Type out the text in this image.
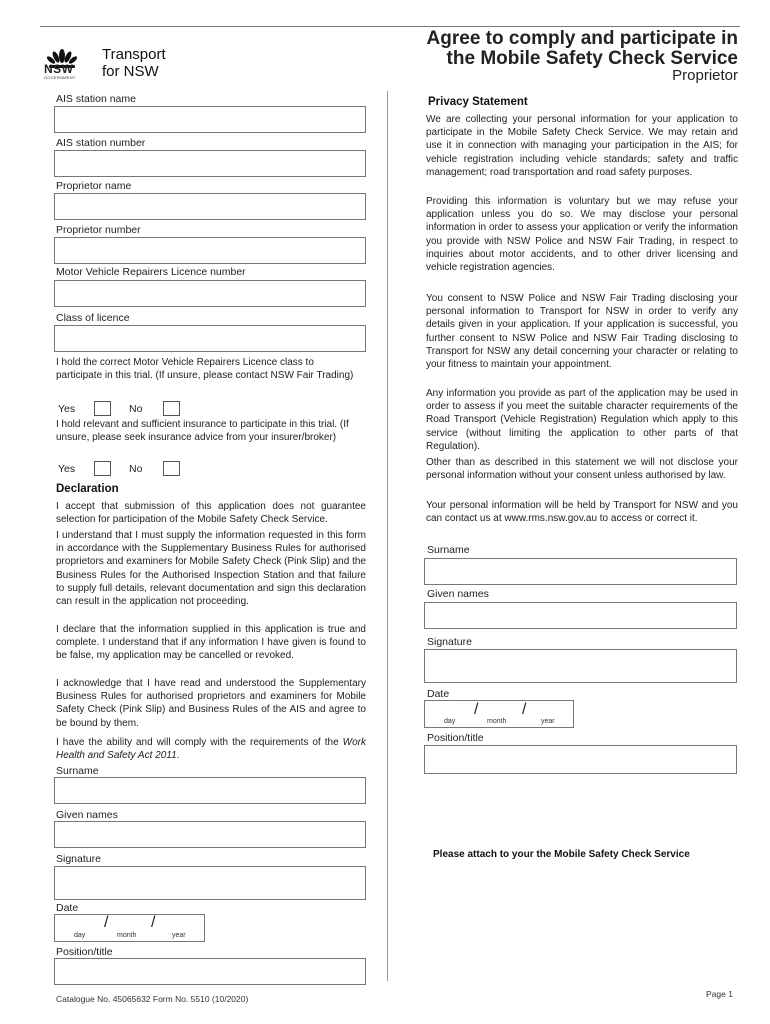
NSW
GOVERNMENT
Transport
for NSW
Agree to comply and participate in
the Mobile Safety Check Service
Proprietor
AIS station name
AIS station number
Proprietor name
Proprietor number
Motor Vehicle Repairers Licence number
Class of licence
I hold the correct Motor Vehicle Repairers Licence class to participate in this trial. (If unsure, please contact NSW Fair Trading)
Yes	No
I hold relevant and sufficient insurance to participate in this trial. (If unsure, please seek insurance advice from your insurer/broker)
Yes	No
Declaration
I accept that submission of this application does not guarantee selection for participation of the Mobile Safety Check Service.
I understand that I must supply the information requested in this form in accordance with the Supplementary Business Rules for authorised proprietors and examiners for Mobile Safety Check (Pink Slip) and the Business Rules for the Authorised Inspection Station and that failure to supply full details, relevant documentation and sign this declaration can result in the application not proceeding.
I declare that the information supplied in this application is true and complete. I understand that if any information I have given is found to be false, my application may be cancelled or revoked.
I acknowledge that I have read and understood the Supplementary Business Rules for authorised proprietors and examiners for Mobile Safety Check (Pink Slip) and Business Rules of the AIS and agree to be bound by them.
I have the ability and will comply with the requirements of the Work Health and Safety Act 2011.
Surname
Given names
Signature
Date
/	/
day	month	year
Position/title
Privacy Statement
We are collecting your personal information for your application to participate in the Mobile Safety Check Service. We may retain and use it in connection with managing your participation in the AIS; for vehicle registration including vehicle standards; safety and traffic management; road transportation and road safety purposes.
Providing this information is voluntary but we may refuse your application unless you do so. We may disclose your personal information in order to assess your application or verify the information you provide with NSW Police and NSW Fair Trading, in respect to inquiries about motor accidents, and to other driver licensing and vehicle registration agencies.
You consent to NSW Police and NSW Fair Trading disclosing your personal information to Transport for NSW in order to verify any details given in your application. If your application is successful, you further consent to NSW Police and NSW Fair Trading disclosing to Transport for NSW any detail concerning your character or relating to your fitness to maintain your appointment.
Any information you provide as part of the application may be used in order to assess if you meet the suitable character requirements of the Road Transport (Vehicle Registration) Regulation which apply to this service (without limiting the application to other parts of that Regulation).
Other than as described in this statement we will not disclose your personal information without your consent unless authorised by law.
Your personal information will be held by Transport for NSW and you can contact us at www.rms.nsw.gov.au to access or correct it.
Surname
Given names
Signature
Date
/	/
day	month	year
Position/title
Please attach to your the Mobile Safety Check Service
Catalogue No. 45065632 Form No. 5510 (10/2020)	Page 1
